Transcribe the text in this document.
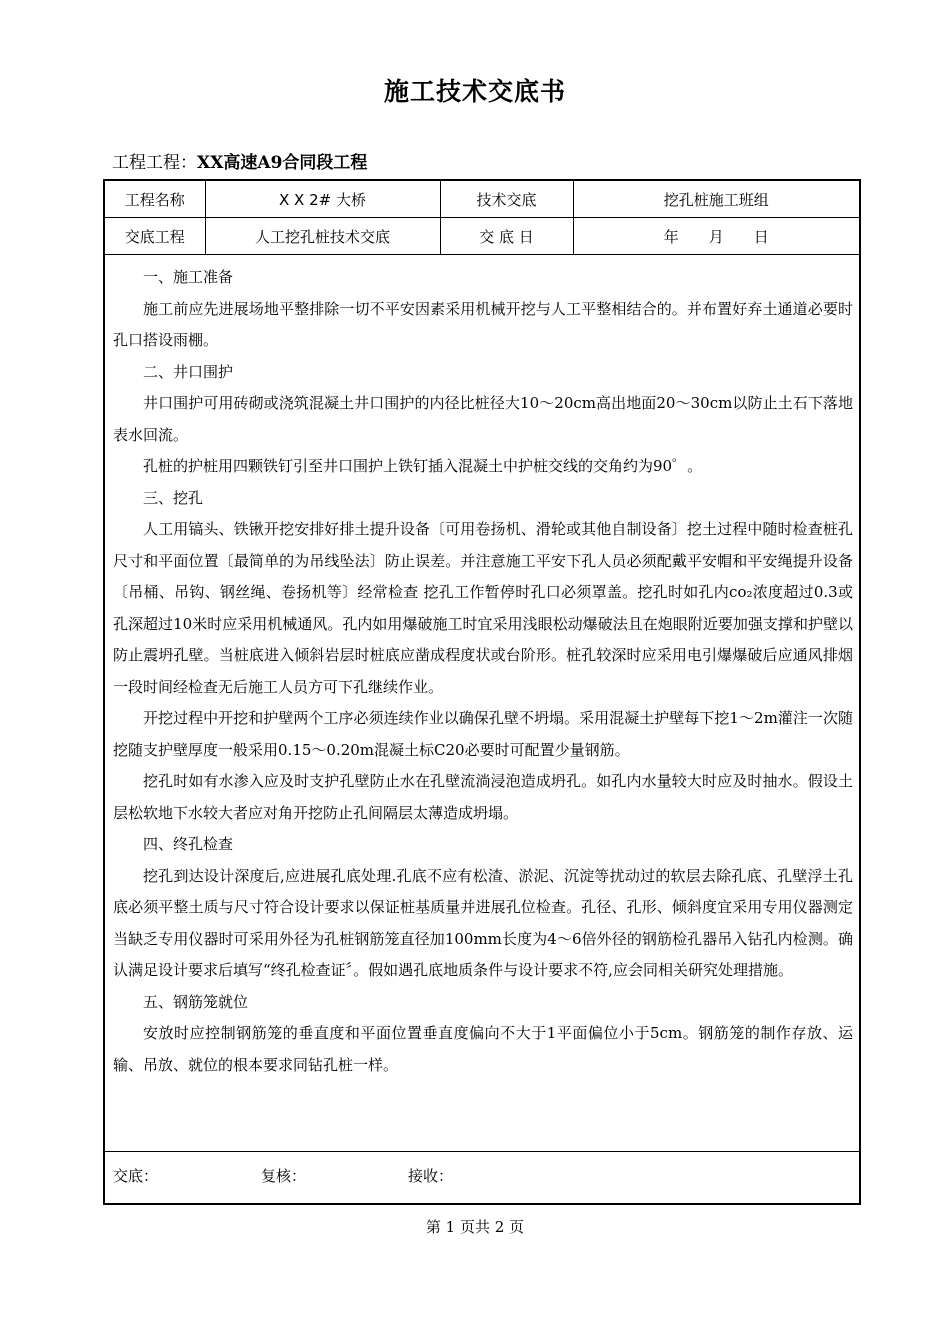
施工技术交底书
工程工程：XX高速A9合同段工程
工程名称	X X 2# 大桥	技术交底	挖孔桩施工班组
交底工程	人工挖孔桩技术交底	交 底 日	年　　月　　日

一、施工准备

施工前应先进展场地平整排除一切不平安因素采用机械开挖与人工平整相结合的。并布置好弃土通道必要时孔口搭设雨棚。

二、井口围护

井口围护可用砖砌或浇筑混凝土井口围护的内径比桩径大10～20cm高出地面20～30cm以防止土石下落地表水回流。

孔桩的护桩用四颗铁钉引至井口围护上铁钉插入混凝土中护桩交线的交角约为90゜。

三、挖孔

人工用镐头、铁锹开挖安排好排土提升设备〔可用卷扬机、滑轮或其他自制设备〕挖土过程中随时检查桩孔尺寸和平面位置〔最简单的为吊线坠法〕防止误差。并注意施工平安下孔人员必须配戴平安帽和平安绳提升设备〔吊桶、吊钩、钢丝绳、卷扬机等〕经常检查 挖孔工作暂停时孔口必须罩盖。挖孔时如孔内co₂浓度超过0.3或孔深超过10米时应采用机械通风。孔内如用爆破施工时宜采用浅眼松动爆破法且在炮眼附近要加强支撑和护壁以防止震坍孔壁。当桩底进入倾斜岩层时桩底应凿成程度状或台阶形。桩孔较深时应采用电引爆爆破后应通风排烟一段时间经检查无后施工人员方可下孔继续作业。

开挖过程中开挖和护壁两个工序必须连续作业以确保孔壁不坍塌。采用混凝土护壁每下挖1～2m灌注一次随挖随支护壁厚度一般采用0.15～0.20m混凝土标C20必要时可配置少量钢筋。

挖孔时如有水渗入应及时支护孔壁防止水在孔壁流淌浸泡造成坍孔。如孔内水量较大时应及时抽水。假设土层松软地下水较大者应对角开挖防止孔间隔层太薄造成坍塌。

四、终孔检查

挖孔到达设计深度后,应进展孔底处理.孔底不应有松渣、淤泥、沉淀等扰动过的软层去除孔底、孔壁浮土孔底必须平整土质与尺寸符合设计要求以保证桩基质量并进展孔位检查。孔径、孔形、倾斜度宜采用专用仪器测定当缺乏专用仪器时可采用外径为孔桩钢筋笼直径加100mm长度为4～6倍外径的钢筋检孔器吊入钻孔内检测。确认满足设计要求后填写“终孔检查证〞。假如遇孔底地质条件与设计要求不符,应会同相关研究处理措施。

五、钢筋笼就位

安放时应控制钢筋笼的垂直度和平面位置垂直度偏向不大于1平面偏位小于5cm。钢筋笼的制作存放、运输、吊放、就位的根本要求同钻孔桩一样。

交底：	复核：	接收：
第 1 页共 2 页
